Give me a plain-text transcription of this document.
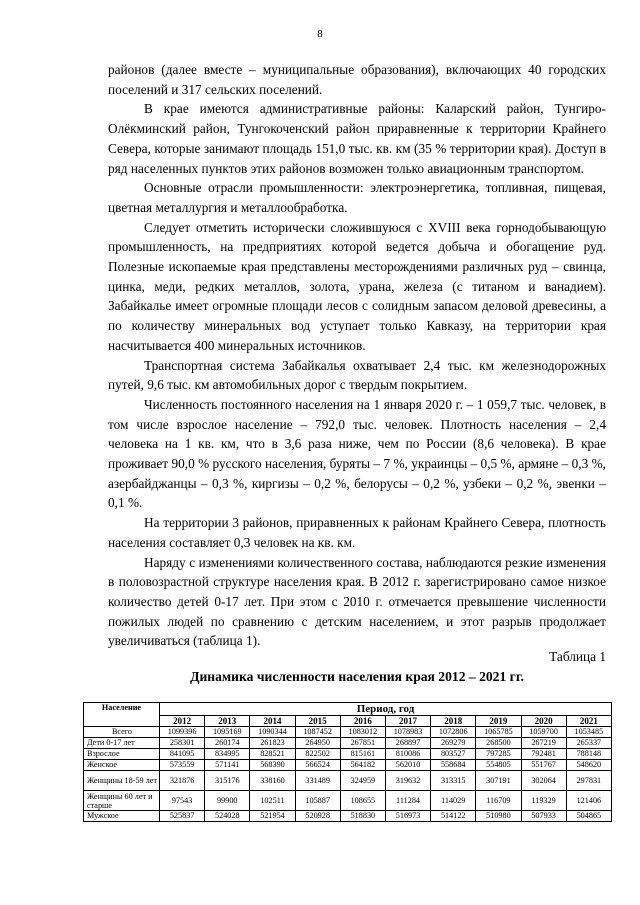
8

районов (далее вместе – муниципальные образования), включающих 40 городских поселений и 317 сельских поселений.

В крае имеются административные районы: Каларский район, Тунгиро-Олёкминский район, Тунгокоченский район приравненные к территории Крайнего Севера, которые занимают площадь 151,0 тыс. кв. км (35 % территории края). Доступ в ряд населенных пунктов этих районов возможен только авиационным транспортом.

Основные отрасли промышленности: электроэнергетика, топливная, пищевая, цветная металлургия и металлообработка.

Следует отметить исторически сложившуюся с XVIII века горнодобывающую промышленность, на предприятиях которой ведется добыча и обогащение руд. Полезные ископаемые края представлены месторождениями различных руд – свинца, цинка, меди, редких металлов, золота, урана, железа (с титаном и ванадием). Забайкалье имеет огромные площади лесов с солидным запасом деловой древесины, а по количеству минеральных вод уступает только Кавказу, на территории края насчитывается 400 минеральных источников.

Транспортная система Забайкалья охватывает 2,4 тыс. км железнодорожных путей, 9,6 тыс. км автомобильных дорог с твердым покрытием.

Численность постоянного населения на 1 января 2020 г. – 1 059,7 тыс. человек, в том числе взрослое население – 792,0 тыс. человек. Плотность населения – 2,4 человека на 1 кв. км, что в 3,6 раза ниже, чем по России (8,6 человека). В крае проживает 90,0 % русского населения, буряты – 7 %, украинцы – 0,5 %, армяне – 0,3 %, азербайджанцы – 0,3 %, киргизы – 0,2 %, белорусы – 0,2 %, узбеки – 0,2 %, эвенки – 0,1 %.

На территории 3 районов, приравненных к районам Крайнего Севера, плотность населения составляет 0,3 человек на кв. км.

Наряду с изменениями количественного состава, наблюдаются резкие изменения в половозрастной структуре населения края. В 2012 г. зарегистрировано самое низкое количество детей 0-17 лет. При этом с 2010 г. отмечается превышение численности пожилых людей по сравнению с детским населением, и этот разрыв продолжает увеличиваться (таблица 1).

Таблица 1
Динамика численности населения края 2012 – 2021 гг.
Население	Период, год									
	2012	2013	2014	2015	2016	2017	2018	2019	2020	2021
Всего	1099396	1095169	1090344	1087452	1083012	1078983	1072806	1065785	1059700	1053485
Дети 0-17 лет	258301	260174	261823	264950	267851	268897	269279	268500	267219	265337
Взрослое	841095	834995	828521	822502	815161	810086	803527	797285	792481	788148
Женское	573559	571141	568390	566524	564182	562010	558684	554805	551767	548620
Женщины 18-59 лет	321876	315176	338160	331489	324959	319632	313315	307191	302064	297831
Женщины 60 лет и старше	97543	99900	102511	105887	108655	111284	114029	116709	119329	121406
Мужское	525837	524028	521954	520928	518830	516973	514122	510980	507933	504865
